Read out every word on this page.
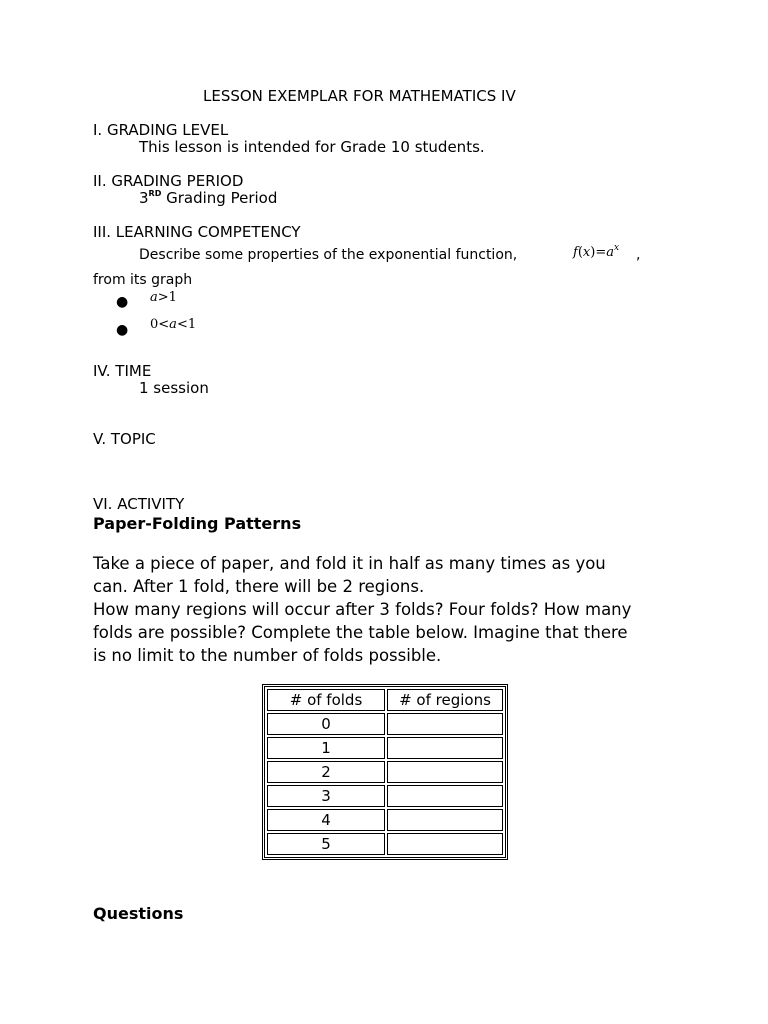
LESSON EXEMPLAR FOR MATHEMATICS IV
I. GRADING LEVEL
This lesson is intended for Grade 10 students.
II. GRADING PERIOD
3RD Grading Period
III. LEARNING COMPETENCY
Describe some properties of the exponential function,	$f(x)=a^x$ ,
from its graph
● a>1
● 0<a<1
IV. TIME
1 session
V. TOPIC
VI. ACTIVITY
Paper-Folding Patterns

Take a piece of paper, and fold it in half as many times as you

can. After 1 fold, there will be 2 regions.

How many regions will occur after 3 folds? Four folds? How many

folds are possible? Complete the table below. Imagine that there

is no limit to the number of folds possible.

# of folds	# of regions
0	
1	
2	
3	
4	
5	
Questions
